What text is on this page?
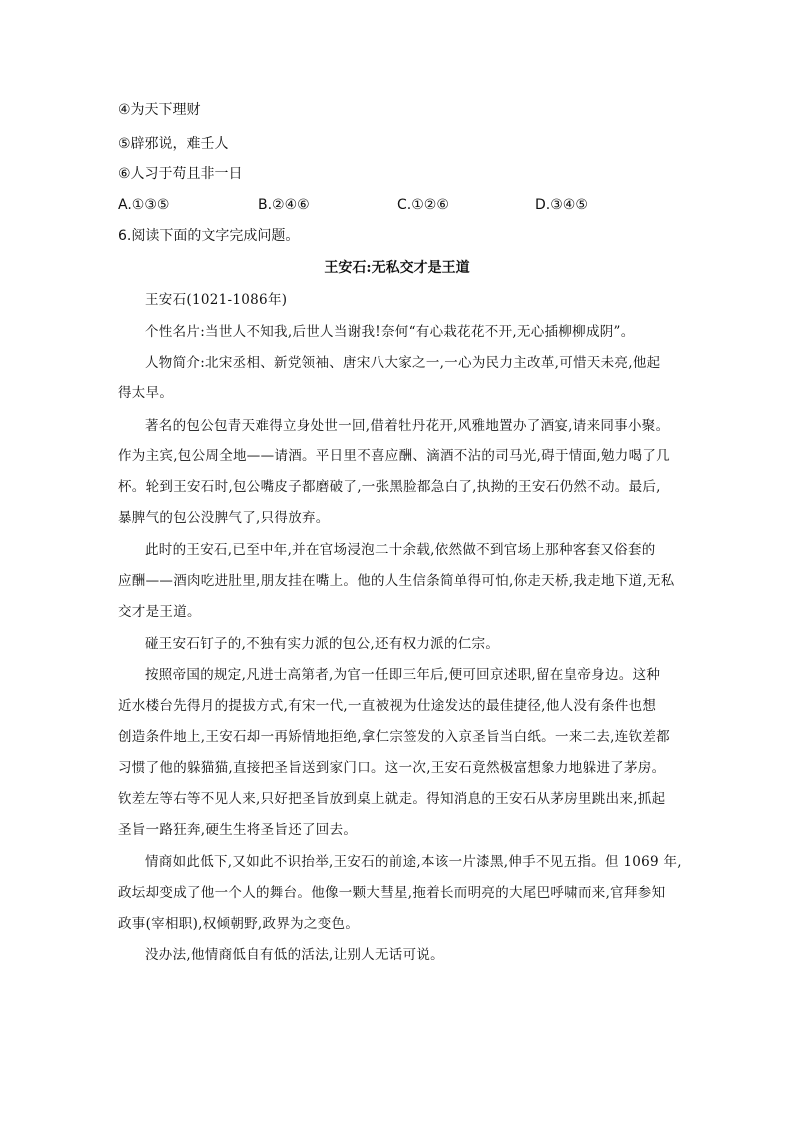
④为天下理财
⑤辟邪说，难壬人
⑥人习于苟且非一日
A.①③⑤	B.②④⑥	C.①②⑥	D.③④⑤
6.阅读下面的文字完成问题。
王安石:无私交才是王道
王安石(1021-1086年)
个性名片:当世人不知我,后世人当谢我!奈何“有心栽花花不开,无心插柳柳成阴”。
人物简介:北宋丞相、新党领袖、唐宋八大家之一,一心为民力主改革,可惜天未亮,他起
得太早。
著名的包公包青天难得立身处世一回,借着牡丹花开,风雅地置办了酒宴,请来同事小聚。
作为主宾,包公周全地——请酒。平日里不喜应酬、滴酒不沾的司马光,碍于情面,勉力喝了几
杯。轮到王安石时,包公嘴皮子都磨破了,一张黑脸都急白了,执拗的王安石仍然不动。最后,
暴脾气的包公没脾气了,只得放弃。
此时的王安石,已至中年,并在官场浸泡二十余载,依然做不到官场上那种客套又俗套的
应酬——酒肉吃进肚里,朋友挂在嘴上。他的人生信条简单得可怕,你走天桥,我走地下道,无私
交才是王道。
碰王安石钉子的,不独有实力派的包公,还有权力派的仁宗。
按照帝国的规定,凡进士高第者,为官一任即三年后,便可回京述职,留在皇帝身边。这种
近水楼台先得月的提拔方式,有宋一代,一直被视为仕途发达的最佳捷径,他人没有条件也想
创造条件地上,王安石却一再矫情地拒绝,拿仁宗签发的入京圣旨当白纸。一来二去,连钦差都
习惯了他的躲猫猫,直接把圣旨送到家门口。这一次,王安石竟然极富想象力地躲进了茅房。
钦差左等右等不见人来,只好把圣旨放到桌上就走。得知消息的王安石从茅房里跳出来,抓起
圣旨一路狂奔,硬生生将圣旨还了回去。
情商如此低下,又如此不识抬举,王安石的前途,本该一片漆黑,伸手不见五指。但 1069 年,
政坛却变成了他一个人的舞台。他像一颗大彗星,拖着长而明亮的大尾巴呼啸而来,官拜参知
政事(宰相职),权倾朝野,政界为之变色。
没办法,他情商低自有低的活法,让别人无话可说。
